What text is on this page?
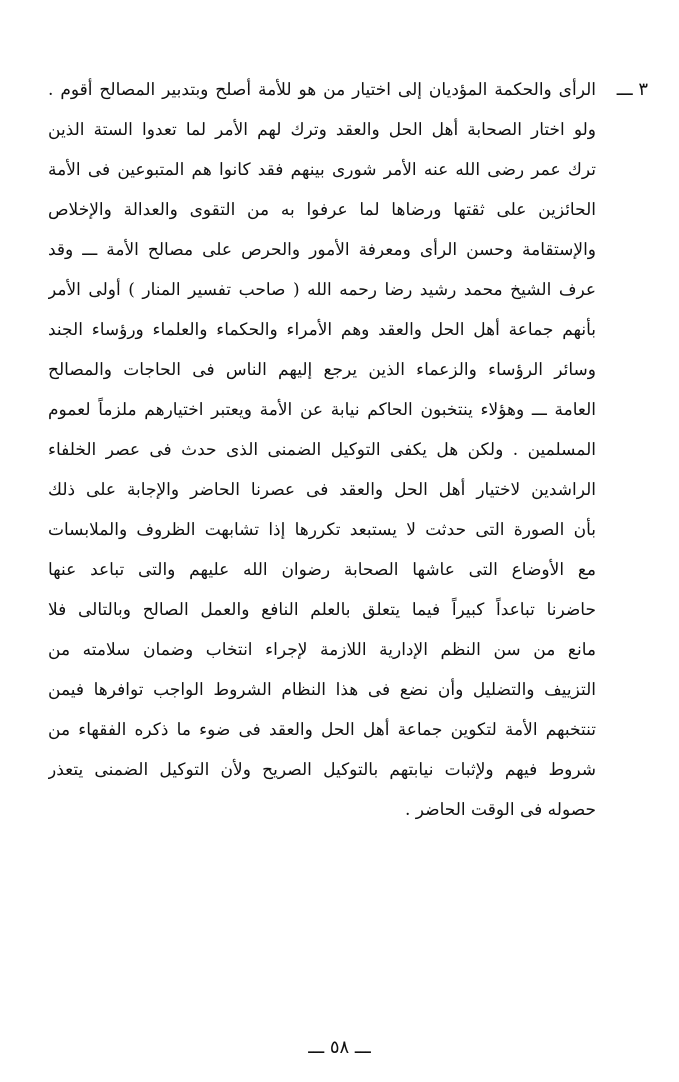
٣ ـــ
الرأى والحكمة المؤديان إلى اختيار من هو للأمة أصلح وبتدبير المصالح أقوم .
ولو اختار الصحابة أهل الحل والعقد وترك لهم الأمر لما تعدوا الستة الذين
ترك عمر رضى الله عنه الأمر شورى بينهم فقد كانوا هم المتبوعين فى الأمة
الحائزين على ثقتها ورضاها لما عرفوا به من التقوى والعدالة والإخلاص
والإستقامة وحسن الرأى ومعرفة الأمور والحرص على مصالح الأمة ـــ وقد
عرف الشيخ محمد رشيد رضا رحمه الله ( صاحب تفسير المنار ) أولى الأمر
بأنهم جماعة أهل الحل والعقد وهم الأمراء والحكماء والعلماء ورؤساء الجند
وسائر الرؤساء والزعماء الذين يرجع إليهم الناس فى الحاجات والمصالح
العامة ـــ وهؤلاء ينتخبون الحاكم نيابة عن الأمة ويعتبر اختيارهم ملزماً لعموم
المسلمين . ولكن هل يكفى التوكيل الضمنى الذى حدث فى عصر الخلفاء
الراشدين لاختيار أهل الحل والعقد فى عصرنا الحاضر والإجابة على ذلك
بأن الصورة التى حدثت لا يستبعد تكررها إذا تشابهت الظروف والملابسات
مع الأوضاع التى عاشها الصحابة رضوان الله عليهم والتى تباعد عنها
حاضرنا تباعداً كبيراً فيما يتعلق بالعلم النافع والعمل الصالح وبالتالى فلا
مانع من سن النظم الإدارية اللازمة لإجراء انتخاب وضمان سلامته من
التزييف والتضليل وأن نضع فى هذا النظام الشروط الواجب توافرها فيمن
تنتخبهم الأمة لتكوين جماعة أهل الحل والعقد فى ضوء ما ذكره الفقهاء من
شروط فيهم ولإثبات نيابتهم بالتوكيل الصريح ولأن التوكيل الضمنى يتعذر
حصوله فى الوقت الحاضر .
ـــ ٥٨ ـــ
